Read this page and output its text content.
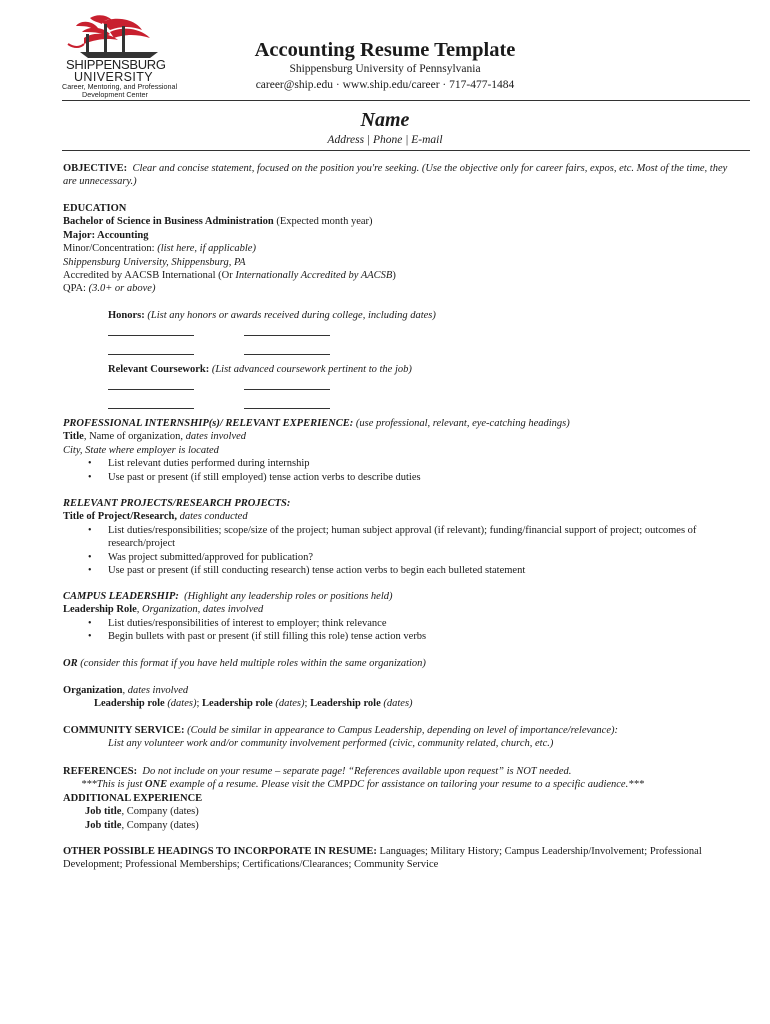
SHIPPENSBURG
UNIVERSITY
Career, Mentoring, and Professional
Development Center
Accounting Resume Template
Shippensburg University of Pennsylvania
career@ship.edu · www.ship.edu/career · 717-477-1484
Name
Address | Phone | E-mail

OBJECTIVE: Clear and concise statement, focused on the position you're seeking. (Use the objective only for career fairs, expos, etc. Most of the time, they are unnecessary.)

EDUCATION

Bachelor of Science in Business Administration (Expected month year)

Major: Accounting

Minor/Concentration: (list here, if applicable)

Shippensburg University, Shippensburg, PA

Accredited by AACSB International (Or Internationally Accredited by AACSB)

QPA: (3.0+ or above)

Honors: (List any honors or awards received during college, including dates)

Relevant Coursework: (List advanced coursework pertinent to the job)

PROFESSIONAL INTERNSHIP(s)/ RELEVANT EXPERIENCE: (use professional, relevant, eye-catching headings)

Title, Name of organization, dates involved

City, State where employer is located

• List relevant duties performed during internship
• Use past or present (if still employed) tense action verbs to describe duties

RELEVANT PROJECTS/RESEARCH PROJECTS:

Title of Project/Research, dates conducted

• List duties/responsibilities; scope/size of the project; human subject approval (if relevant); funding/financial support of project; outcomes of research/project
• Was project submitted/approved for publication?
• Use past or present (if still conducting research) tense action verbs to begin each bulleted statement

CAMPUS LEADERSHIP: (Highlight any leadership roles or positions held)

Leadership Role, Organization, dates involved

• List duties/responsibilities of interest to employer; think relevance
• Begin bullets with past or present (if still filling this role) tense action verbs

OR (consider this format if you have held multiple roles within the same organization)

Organization, dates involved

Leadership role (dates); Leadership role (dates); Leadership role (dates)

COMMUNITY SERVICE: (Could be similar in appearance to Campus Leadership, depending on level of importance/relevance):

List any volunteer work and/or community involvement performed (civic, community related, church, etc.)

REFERENCES: Do not include on your resume – separate page! “References available upon request” is NOT needed.

***This is just ONE example of a resume. Please visit the CMPDC for assistance on tailoring your resume to a specific audience.***

ADDITIONAL EXPERIENCE

Job title, Company (dates)

Job title, Company (dates)

OTHER POSSIBLE HEADINGS TO INCORPORATE IN RESUME: Languages; Military History; Campus Leadership/Involvement; Professional Development; Professional Memberships; Certifications/Clearances; Community Service
